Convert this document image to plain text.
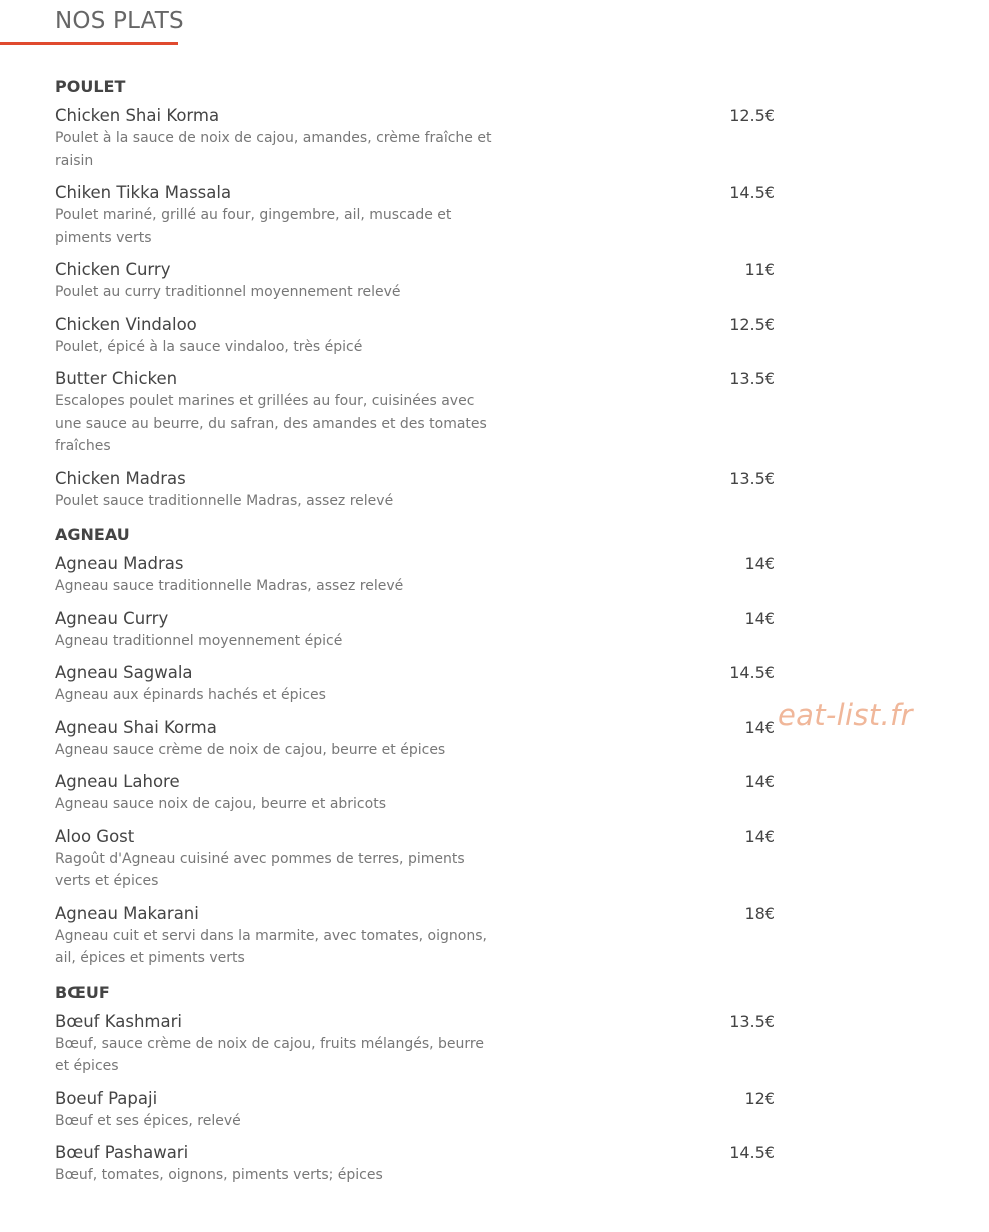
NOS PLATS
POULET
Chicken Shai Korma	12.5€
Poulet à la sauce de noix de cajou, amandes, crème fraîche et raisin
Chiken Tikka Massala	14.5€
Poulet mariné, grillé au four, gingembre, ail, muscade et piments verts
Chicken Curry	11€
Poulet au curry traditionnel moyennement relevé
Chicken Vindaloo	12.5€
Poulet, épicé à la sauce vindaloo, très épicé
Butter Chicken	13.5€
Escalopes poulet marines et grillées au four, cuisinées avec une sauce au beurre, du safran, des amandes et des tomates fraîches
Chicken Madras	13.5€
Poulet sauce traditionnelle Madras, assez relevé
AGNEAU
Agneau Madras	14€
Agneau sauce traditionnelle Madras, assez relevé
Agneau Curry	14€
Agneau traditionnel moyennement épicé
Agneau Sagwala	14.5€
Agneau aux épinards hachés et épices
Agneau Shai Korma	14€
Agneau sauce crème de noix de cajou, beurre et épices
Agneau Lahore	14€
Agneau sauce noix de cajou, beurre et abricots
Aloo Gost	14€
Ragoût d'Agneau cuisiné avec pommes de terres, piments verts et épices
Agneau Makarani	18€
Agneau cuit et servi dans la marmite, avec tomates, oignons, ail, épices et piments verts
BŒUF
Bœuf Kashmari	13.5€
Bœuf, sauce crème de noix de cajou, fruits mélangés, beurre et épices
Boeuf Papaji	12€
Bœuf et ses épices, relevé
Bœuf Pashawari	14.5€
Bœuf, tomates, oignons, piments verts; épices
eat-list.fr
